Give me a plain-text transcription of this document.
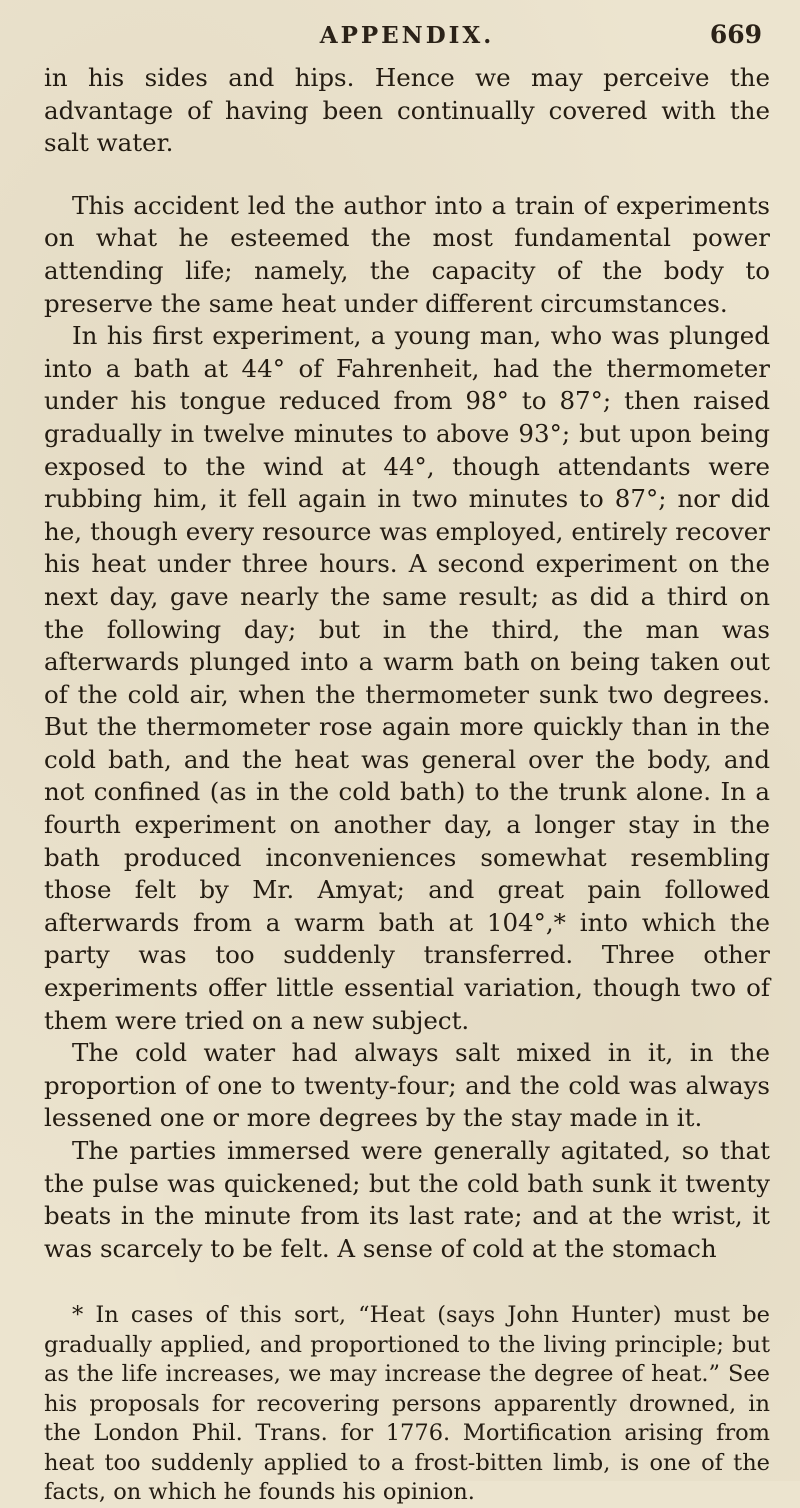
APPENDIX.	669

in his sides and hips. Hence we may perceive the advantage of having been continually covered with the salt water.

This accident led the author into a train of experiments on what he esteemed the most fundamental power attending life; namely, the capacity of the body to preserve the same heat under different circumstances.

In his first experiment, a young man, who was plunged into a bath at 44° of Fahrenheit, had the thermometer under his tongue reduced from 98° to 87°; then raised gradually in twelve minutes to above 93°; but upon being exposed to the wind at 44°, though attendants were rubbing him, it fell again in two minutes to 87°; nor did he, though every resource was employed, entirely recover his heat under three hours. A second experiment on the next day, gave nearly the same result; as did a third on the following day; but in the third, the man was afterwards plunged into a warm bath on being taken out of the cold air, when the thermometer sunk two degrees. But the thermometer rose again more quickly than in the cold bath, and the heat was general over the body, and not confined (as in the cold bath) to the trunk alone. In a fourth experiment on another day, a longer stay in the bath produced inconveniences somewhat resembling those felt by Mr. Amyat; and great pain followed afterwards from a warm bath at 104°,* into which the party was too suddenly transferred. Three other experiments offer little essential variation, though two of them were tried on a new subject.

The cold water had always salt mixed in it, in the proportion of one to twenty-four; and the cold was always lessened one or more degrees by the stay made in it.

The parties immersed were generally agitated, so that the pulse was quickened; but the cold bath sunk it twenty beats in the minute from its last rate; and at the wrist, it was scarcely to be felt. A sense of cold at the stomach

* In cases of this sort, “Heat (says John Hunter) must be gradually applied, and proportioned to the living principle; but as the life increases, we may increase the degree of heat.” See his proposals for recovering persons apparently drowned, in the London Phil. Trans. for 1776. Mortification arising from heat too suddenly applied to a frost-bitten limb, is one of the facts, on which he founds his opinion.
